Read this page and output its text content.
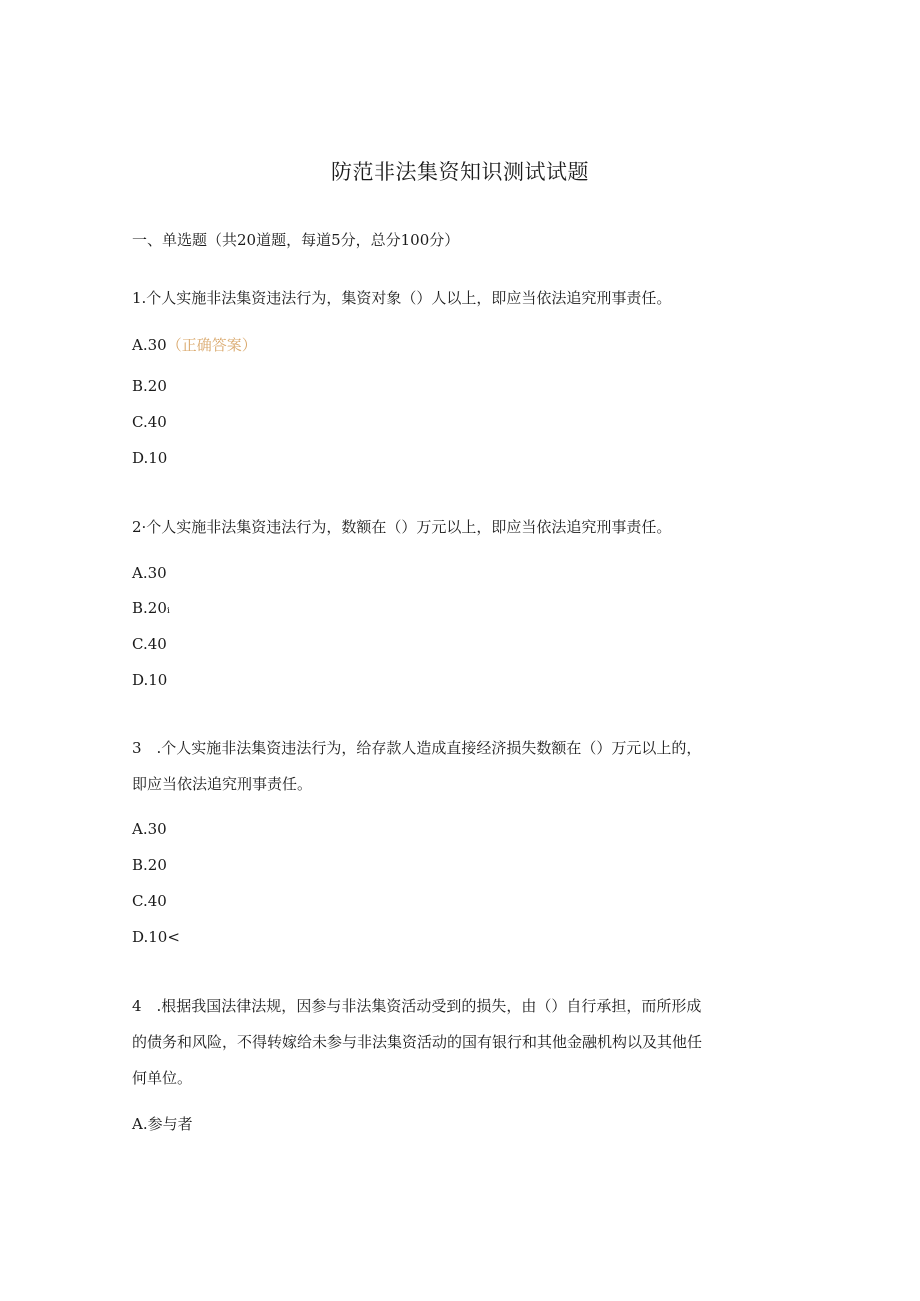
防范非法集资知识测试试题
一、单选题（共20道题，每道5分，总分100分）
1.个人实施非法集资违法行为，集资对象（）人以上，即应当依法追究刑事责任。
A.30（正确答案）
B.20
C.40
D.10
2·个人实施非法集资违法行为，数额在（）万元以上，即应当依法追究刑事责任。
A.30
B.20ᵢ
C.40
D.10
3　.个人实施非法集资违法行为，给存款人造成直接经济损失数额在（）万元以上的，
即应当依法追究刑事责任。
A.30
B.20
C.40
D.10<
4　.根据我国法律法规，因参与非法集资活动受到的损失，由（）自行承担，而所形成
的债务和风险，不得转嫁给未参与非法集资活动的国有银行和其他金融机构以及其他任
何单位。
A.参与者
